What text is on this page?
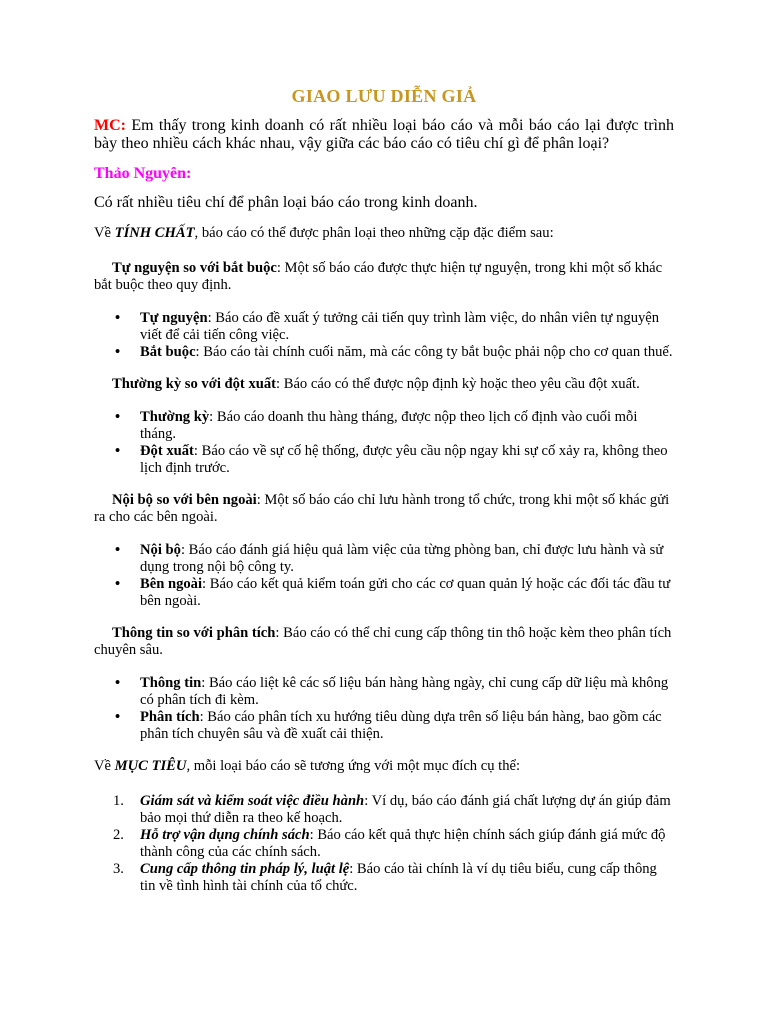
GIAO LƯU DIỄN GIẢ

MC: Em thấy trong kinh doanh có rất nhiều loại báo cáo và mỗi báo cáo lại được trình bày theo nhiều cách khác nhau, vậy giữa các báo cáo có tiêu chí gì để phân loại?

Thảo Nguyên:

Có rất nhiều tiêu chí để phân loại báo cáo trong kinh doanh.

Về TÍNH CHẤT, báo cáo có thể được phân loại theo những cặp đặc điểm sau:

Tự nguyện so với bắt buộc: Một số báo cáo được thực hiện tự nguyện, trong khi một số khác bắt buộc theo quy định.

• Tự nguyện: Báo cáo đề xuất ý tưởng cải tiến quy trình làm việc, do nhân viên tự nguyện viết để cải tiến công việc.
• Bắt buộc: Báo cáo tài chính cuối năm, mà các công ty bắt buộc phải nộp cho cơ quan thuế.

Thường kỳ so với đột xuất: Báo cáo có thể được nộp định kỳ hoặc theo yêu cầu đột xuất.

• Thường kỳ: Báo cáo doanh thu hàng tháng, được nộp theo lịch cố định vào cuối mỗi tháng.
• Đột xuất: Báo cáo về sự cố hệ thống, được yêu cầu nộp ngay khi sự cố xảy ra, không theo lịch định trước.

Nội bộ so với bên ngoài: Một số báo cáo chỉ lưu hành trong tổ chức, trong khi một số khác gửi ra cho các bên ngoài.

• Nội bộ: Báo cáo đánh giá hiệu quả làm việc của từng phòng ban, chỉ được lưu hành và sử dụng trong nội bộ công ty.
• Bên ngoài: Báo cáo kết quả kiểm toán gửi cho các cơ quan quản lý hoặc các đối tác đầu tư bên ngoài.

Thông tin so với phân tích: Báo cáo có thể chỉ cung cấp thông tin thô hoặc kèm theo phân tích chuyên sâu.

• Thông tin: Báo cáo liệt kê các số liệu bán hàng hàng ngày, chỉ cung cấp dữ liệu mà không có phân tích đi kèm.
• Phân tích: Báo cáo phân tích xu hướng tiêu dùng dựa trên số liệu bán hàng, bao gồm các phân tích chuyên sâu và đề xuất cải thiện.

Về MỤC TIÊU, mỗi loại báo cáo sẽ tương ứng với một mục đích cụ thể:

1. Giám sát và kiểm soát việc điều hành: Ví dụ, báo cáo đánh giá chất lượng dự án giúp đảm bảo mọi thứ diễn ra theo kế hoạch.
2. Hỗ trợ vận dụng chính sách: Báo cáo kết quả thực hiện chính sách giúp đánh giá mức độ thành công của các chính sách.
3. Cung cấp thông tin pháp lý, luật lệ: Báo cáo tài chính là ví dụ tiêu biểu, cung cấp thông tin về tình hình tài chính của tổ chức.
